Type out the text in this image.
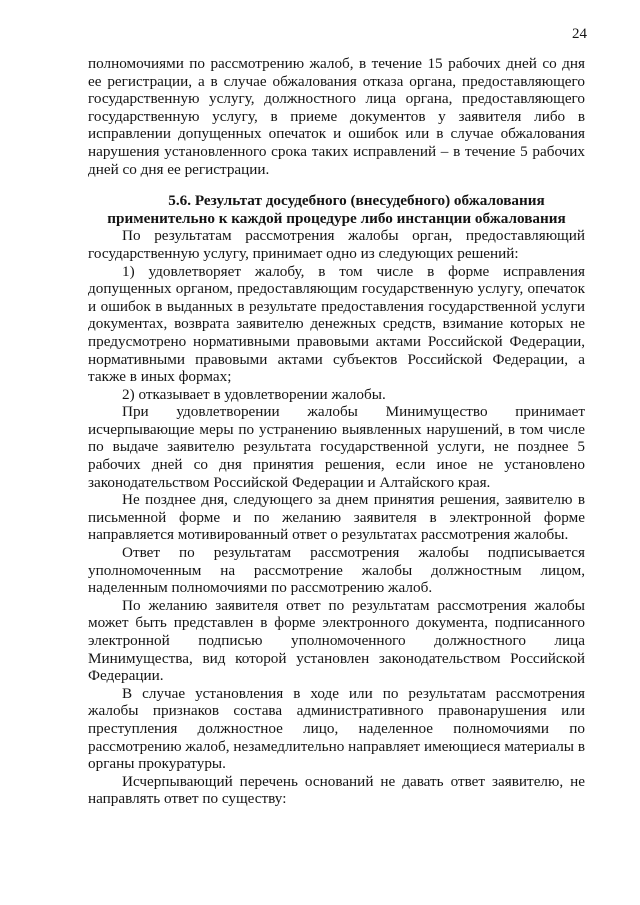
24

полномочиями по рассмотрению жалоб, в течение 15 рабочих дней со дня ее регистрации, а в случае обжалования отказа органа, предоставляющего государственную услугу, должностного лица органа, предоставляющего государственную услугу, в приеме документов у заявителя либо в исправлении допущенных опечаток и ошибок или в случае обжалования нарушения установленного срока таких исправлений – в течение 5 рабочих дней со дня ее регистрации.

5.6. Результат досудебного (внесудебного) обжалования
применительно к каждой процедуре либо инстанции обжалования

По результатам рассмотрения жалобы орган, предоставляющий государственную услугу, принимает одно из следующих решений:

1) удовлетворяет жалобу, в том числе в форме исправления допущенных органом, предоставляющим государственную услугу, опечаток и ошибок в выданных в результате предоставления государственной услуги документах, возврата заявителю денежных средств, взимание которых не предусмотрено нормативными правовыми актами Российской Федерации, нормативными правовыми актами субъектов Российской Федерации, а также в иных формах;

2) отказывает в удовлетворении жалобы.

При удовлетворении жалобы Минимущество принимает исчерпывающие меры по устранению выявленных нарушений, в том числе по выдаче заявителю результата государственной услуги, не позднее 5 рабочих дней со дня принятия решения, если иное не установлено законодательством Российской Федерации и Алтайского края.

Не позднее дня, следующего за днем принятия решения, заявителю в письменной форме и по желанию заявителя в электронной форме направляется мотивированный ответ о результатах рассмотрения жалобы.

Ответ по результатам рассмотрения жалобы подписывается уполномоченным на рассмотрение жалобы должностным лицом, наделенным полномочиями по рассмотрению жалоб.

По желанию заявителя ответ по результатам рассмотрения жалобы может быть представлен в форме электронного документа, подписанного электронной подписью уполномоченного должностного лица Минимущества, вид которой установлен законодательством Российской Федерации.

В случае установления в ходе или по результатам рассмотрения жалобы признаков состава административного правонарушения или преступления должностное лицо, наделенное полномочиями по рассмотрению жалоб, незамедлительно направляет имеющиеся материалы в органы прокуратуры.

Исчерпывающий перечень оснований не давать ответ заявителю, не направлять ответ по существу:
